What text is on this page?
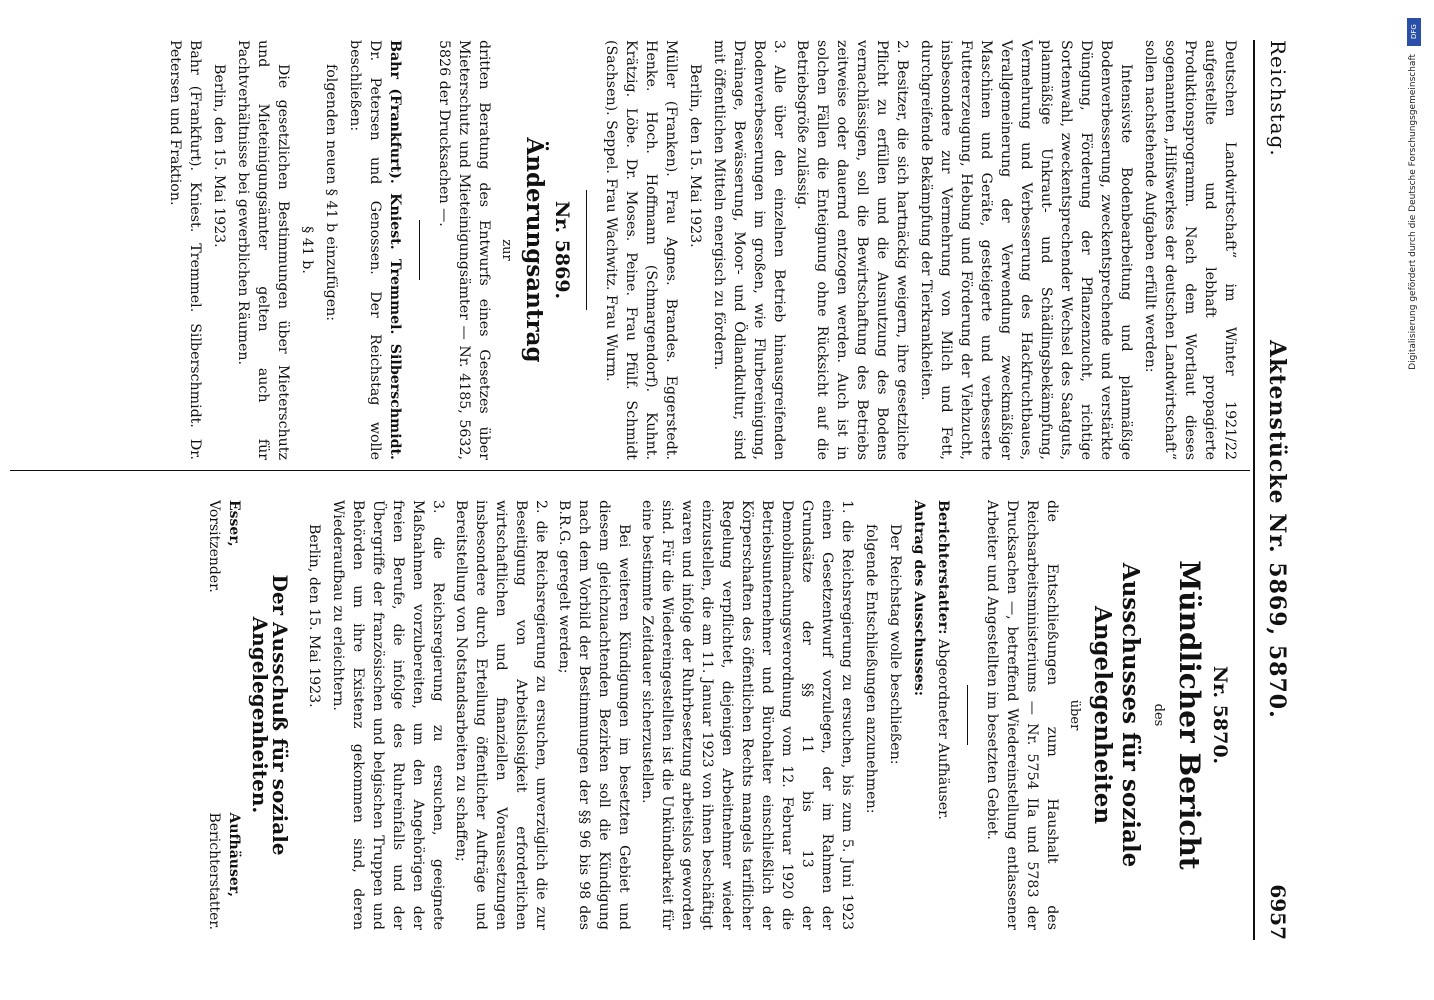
Reichstag.
Aktenstücke Nr. 5869, 5870.
6957

Deutschen Landwirtschaft“ im Winter 1921/22 aufgestellte und lebhaft propagierte Produktionsprogramm. Nach dem Wortlaut dieses sogenannten „Hilfswerkes der deutschen Landwirtschaft“ sollen nachstehende Aufgaben erfüllt werden:

Intensivste Bodenbearbeitung und planmäßige Bodenverbesserung, zweckentsprechende und verstärkte Düngung, Förderung der Pflanzenzucht, richtige Sortenwahl, zweckentsprechender Wechsel des Saatguts, planmäßige Unkraut- und Schädlingsbekämpfung, Vermehrung und Verbesserung des Hackfruchtbaues, Verallgemeinerung der Verwendung zweckmäßiger Maschinen und Geräte, gesteigerte und verbesserte Futtererzeugung, Hebung und Förderung der Viehzucht, insbesondere zur Vermehrung von Milch und Fett, durchgreifende Bekämpfung der Tierkrankheiten.

2. Besitzer, die sich hartnäckig weigern, ihre gesetzliche Pflicht zu erfüllen und die Ausnutzung des Bodens vernachlässigen, soll die Bewirtschaftung des Betriebs zeitweise oder dauernd entzogen werden. Auch ist in solchen Fällen die Enteignung ohne Rücksicht auf die Betriebsgröße zulässig.
3. Alle über den einzelnen Betrieb hinausgreifenden Bodenverbesserungen im großen, wie Flurbereinigung, Drainage, Bewässerung, Moor- und Ödlandkultur, sind mit öffentlichen Mitteln energisch zu fördern.

Berlin, den 15. Mai 1923.

Müller (Franken). Frau Agnes. Brandes. Eggerstedt. Henke. Hoch. Hoffmann (Schmargendorf). Kuhnt. Krätzig. Löbe. Dr. Moses. Peine. Frau Pfülf. Schmidt (Sachsen). Seppel. Frau Wachwitz. Frau Wurm.

Nr. 5869.
Änderungsantrag
zur

dritten Beratung des Entwurfs eines Gesetzes über Mieterschutz und Mieteinigungsämter — Nr. 4185, 5632, 5826 der Drucksachen —.

Bahr (Frankfurt). Kniest. Tremmel. Silberschmidt. Dr. Petersen und Genossen. Der Reichstag wolle beschließen:

folgenden neuen § 41 b einzufügen:

§ 41 b.

Die gesetzlichen Bestimmungen über Mieterschutz und Mieteinigungsämter gelten auch für Pachtverhältnisse bei gewerblichen Räumen.

Berlin, den 15. Mai 1923.

Bahr (Frankfurt). Kniest. Tremmel. Silberschmidt. Dr. Petersen und Fraktion.

Nr. 5870.
Mündlicher Bericht
des
Ausschusses für soziale Angelegenheiten
über

die Entschließungen zum Haushalt des Reichsarbeitsministeriums — Nr. 5754 IIa und 5783 der Drucksachen —, betreffend Wiedereinstellung entlassener Arbeiter und Angestellten im besetzten Gebiet.

Berichterstatter: Abgeordneter Aufhäuser.

Antrag des Ausschusses:

Der Reichstag wolle beschließen:

folgende Entschließungen anzunehmen:

1. die Reichsregierung zu ersuchen, bis zum 5. Juni 1923 einen Gesetzentwurf vorzulegen, der im Rahmen der Grundsätze der §§ 11 bis 13 der Demobilmachungsverordnung vom 12. Februar 1920 die Betriebsunternehmer und Bürohalter einschließlich der Körperschaften des öffentlichen Rechts mangels tariflicher Regelung verpflichtet, diejenigen Arbeitnehmer wieder einzustellen, die am 11. Januar 1923 von ihnen beschäftigt waren und infolge der Ruhrbesetzung arbeitslos geworden sind. Für die Wiedereingestellten ist die Unkündbarkeit für eine bestimmte Zeitdauer sicherzustellen.
Bei weiteren Kündigungen im besetzten Gebiet und diesem gleichzuachtenden Bezirken soll die Kündigung nach dem Vorbild der Bestimmungen der §§ 96 bis 98 des B.R.G. geregelt werden;
2. die Reichsregierung zu ersuchen, unverzüglich die zur Beseitigung von Arbeitslosigkeit erforderlichen wirtschaftlichen und finanziellen Voraussetzungen insbesondere durch Erteilung öffentlicher Aufträge und Bereitstellung von Notstandsarbeiten zu schaffen;
3. die Reichsregierung zu ersuchen, geeignete Maßnahmen vorzubereiten, um den Angehörigen der freien Berufe, die infolge des Ruhreinfalls und der Übergriffe der französischen und belgischen Truppen und Behörden um ihre Existenz gekommen sind, deren Wiederaufbau zu erleichtern.

Berlin, den 15. Mai 1923.

Der Ausschuß für soziale Angelegenheiten.
Esser,
Vorsitzender.
Aufhäuser,
Berichterstatter.
DFG
Digitalisierung gefördert durch die Deutsche Forschungsgemeinschaft
